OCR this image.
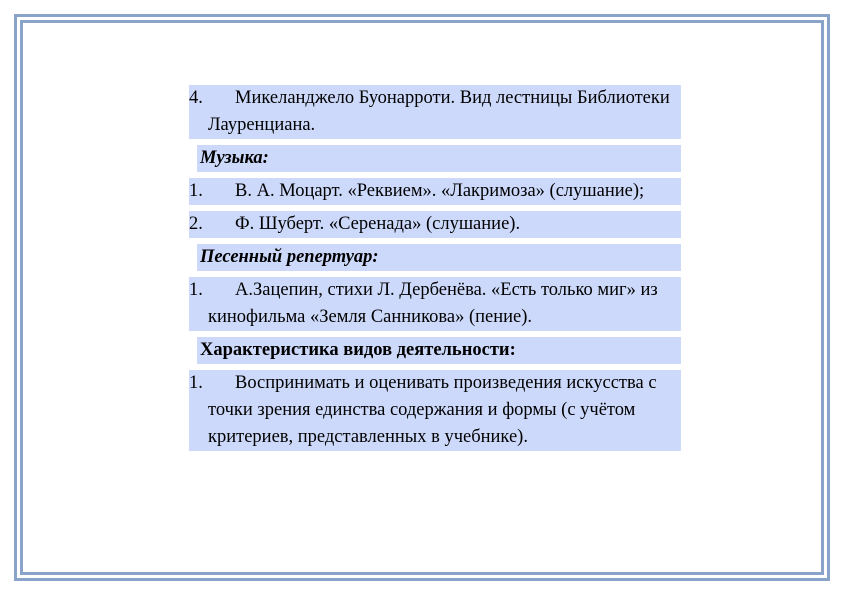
4.	Микеланджело Буонарроти. Вид лестницы Библиотеки Лауренциана.
Музыка:
1.	В. А. Моцарт. «Реквием». «Лакримоза» (слушание);
2.	Ф. Шуберт. «Серенада» (слушание).
Песенный репертуар:
1.	А.Зацепин, стихи Л. Дербенёва. «Есть только миг» из кинофильма «Земля Санникова» (пение).
Характеристика видов деятельности:
1.	Воспринимать и оценивать произведения искусства с точки зрения единства содержания и формы (с учётом критериев, представленных в учебнике).
